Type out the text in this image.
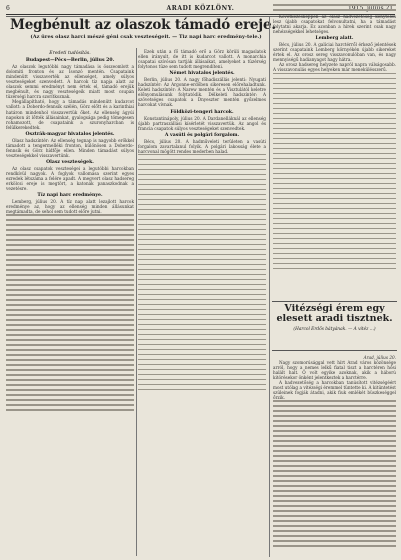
6	ARADI KÖZLÖNY.
Megbénult az olaszok támadó ereje.
(Az üres olasz harci mészé géni csak veszteségeit. — Tiz napi harc eredmény-tele.)

Eredeti tudósítás.

Budapest—Pécs—Berlin, július 20.

Az olaszok legutóbbi nagy támadása is összeomlott a dolomiti fronton és az Isonzó mentén. Csapataink mindenütt visszaverték az ellenséget, amely súlyos veszteségeket szenvedett. A harcok tíz napja alatt az olaszok semmi eredményt nem értek el, támadó erejük megbénult, és nagy veszteségeik miatt most csupán tüzérségi harcra szorítkoznak.

Megállapítható, hogy a támadás mindenütt kudarcot vallott: a Doberdo-fennsík szélén, Görz előtt és a karinthiai határon mindenhol visszavertük őket. Az ellenség ágyúi napokon át lőtték állásainkat, gyalogsága pedig tömegesen rohamozott, de csapataink a szuronyharcban is felülkerekedtek.

Osztrák-magyar hivatalos jelentés.

Olasz hadszíntér: Az ellenség tegnap is nagyobb erőkkel támadott a tengermelléki fronton, különösen a Doberdo-fennsík és Görz hídfője ellen. Minden támadást súlyos veszteségekkel visszavertünk.

Olasz veszteségek.

Az olasz csapatok veszteségei a legutóbbi harcokban rendkívül nagyok. A foglyok vallomása szerint egyes ezredek létszáma a felére apadt. A megvert olasz hadsereg erkölcsi ereje is megtört, a katonák panaszkodnak a vezetésre.

Tíz napi harc eredménye.

Lemberg, július 20. A tíz nap alatt lezajlott harcok eredménye az, hogy az ellenség minden állásunkat megtámadta, de sehol sem tudott előre jutni.

Ezek után a fő támadó erő a Görz körüli magaslatok ellen irányult, de itt is kudarcot vallott. A monarchia csapatai szívósan tartják állásaikat, amelyeket a tüzérség folytonos tüze sem tudott megrendíteni.

Német hivatalos jelentés.

Berlin, július 20. A nagy főhadiszállás jelenti: Nyugati hadszíntér: Az Argonne-erdőben sikeresen előrehaladtunk. Keleti hadszíntér: A Narew mentén és a Visztulától keletre előnyomulásunk folytatódik. Délkeleti hadszíntér: A szövetséges csapatok a Dnyeszter mentén győzelmes harcokat vívnak.

Földközi-tengeri harcok.

Konstantinápoly, július 20. A Dardanelláknál az ellenség újabb partraszállási kísérletét visszavertük. Az angol és francia csapatok súlyos veszteségeket szenvedtek.

A vasúti és polgári forgalom.

Bécs, július 20. A hadműveleti területen a vasúti forgalom zavartalanul folyik. A polgári lakosság élete a harcvonal mögött rendes mederben halad.

Következésképpen az olasz hadvezetőség kénytelen lesz újabb csapatokat felvonultatni, ha a támadást folytatni akarja. Ez azonban a hírek szerint csak nagy nehézségekkel lehetséges.

Lemberg alatt.

Bécs, július 20. A galíciai harctérről érkező jelentések szerint csapataink Lemberg környékén újabb sikereket értek el. Az orosz sereg visszavonulóban van, és nagy mennyiségű hadianyagot hagy hátra.

Az orosz hadsereg helyzete napról napra válságosabb. A visszavonulás egyes helyeken már menekülésszerű.

Vitézségi érem egy elesett aradi tisztnek.
(Harcol Erdős bátyának. — A vitéz ...)

Arad, július 20.

Nagy szomorúsággal vett hírt Arad város közönsége arról, hogy a nemes lelkű fiatal tiszt a harctéren hősi halált halt. Ő volt egyike azoknak, akik a háború kitörésekor önként jelentkeztek a harctérre.

A hadvezetőség a harcokban tanúsított vitézségéért most utólag a vitézségi éremmel tüntette ki. A kitüntetést szüleinek fogják átadni, akik fiuk emlékét büszkeséggel őrzik.
